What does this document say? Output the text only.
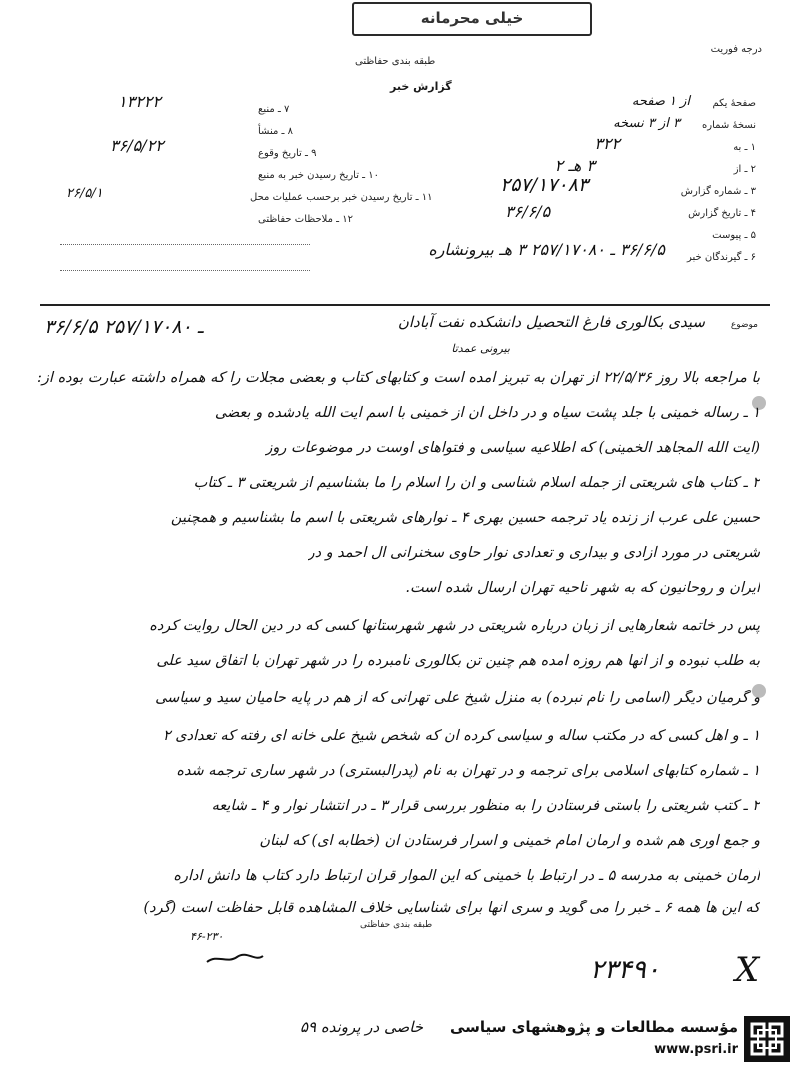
خیلی محرمانه
درجه فوریت
طبقه بندی حفاظتی
گزارش خبر
۷ ـ منبع
۱۳۲۲۲
۸ ـ منشأ
۹ ـ تاریخ وقوع
۳۶/۵/۲۲
۱۰ ـ تاریخ رسیدن خبر به منبع
۱۱ ـ تاریخ رسیدن خبر برحسب عملیات محل
۲۶/۵/۱
۱۲ ـ ملاحظات حفاظتی
صفحۀ یکم
از ۱ صفحه
نسخۀ شماره
۳ از ۳ نسخه
۱ ـ به
۳۲۲
۲ ـ از
۳ هـ ۲
۳ ـ شماره گزارش
۲۵۷/۱۷۰۸۳
۴ ـ تاریخ گزارش
۳۶/۶/۵
۵ ـ پیوست
۶ ـ گیرندگان خبر
۳۶/۶/۵ ـ ۲۵۷/۱۷۰۸۰ ۳ هـ بیرونشاره
موضوع
سیدی بکالوری فارغ التحصیل دانشکده نفت آبادان
۳۶/۶/۵ ـ ۲۵۷/۱۷۰۸۰
بیرونی عمدتا
با مراجعه بالا روز ۲۲/۵/۳۶ از تهران به تبریز آمده است و کتابهای کتاب و بعضی مجلات را که همراه داشته عبارت بوده از:
۱ ـ رساله خمینی با جلد پشت سیاه و در داخل آن از خمینی با اسم آیت الله یادشده و بعضی
(آیت الله المجاهد الخمینی) که اطلاعیه سیاسی و فتواهای اوست در موضوعات روز
۲ ـ کتاب های شریعتی از جمله اسلام شناسی و آن را اسلام را ما بشناسیم از شریعتی ۳ ـ کتاب
حسین علی عرب از زنده یاد ترجمه حسین بهری ۴ ـ نوارهای شریعتی با اسم ما بشناسیم و همچنین
شریعتی در مورد آزادی و بیداری و تعدادی نوار حاوی سخنرانی آل احمد و در
ایران و روحانیون که به شهر ناحیه تهران ارسال شده است.
پس در خاتمه شعارهایی از زبان درباره شریعتی در شهر شهرستانها کسی که در دین الحال روایت کرده
به طلب نبوده و از آنها هم روزه آمده هم چنین تن بکالوری نامبرده را در شهر تهران با اتفاق سید علی
و گرمیان دیگر (اسامی را نام نبرده) به منزل شیخ علی تهرانی که از هم در پایه حامیان سید و سیاسی
۱ ـ و اهل کسی که در مکتب ساله و سیاسی کرده آن که شخص شیخ علی خانه ای رفته که تعدادی ۲
۱ ـ شماره کتابهای اسلامی برای ترجمه و در تهران به نام (پدرالبستری) در شهر ساری ترجمه شده
۲ ـ کتب شریعتی را باستی فرستادن را به منظور بررسی قرار ۳ ـ در انتشار نوار و ۴ ـ شایعه
و جمع آوری هم شده و آرمان امام خمینی و اسرار فرستادن آن (خطابه ای) که لبنان
آرمان خمینی به مدرسه ۵ ـ در ارتباط با خمینی که این الموار قرآن ارتباط دارد کتاب ها دانش اداره
که این ها همه ۶ ـ خبر را می گوید و سری آنها برای شناسایی خلاف المشاهده قابل حفاظت است (گرد)
طبقه بندی حفاظتی
۴۶-۲۳۰
۲۳۴۹۰ X
خاصی در پرونده ۵۹ مؤسسه مطالعات و پژوهشهای سیاسی
www.psri.ir
